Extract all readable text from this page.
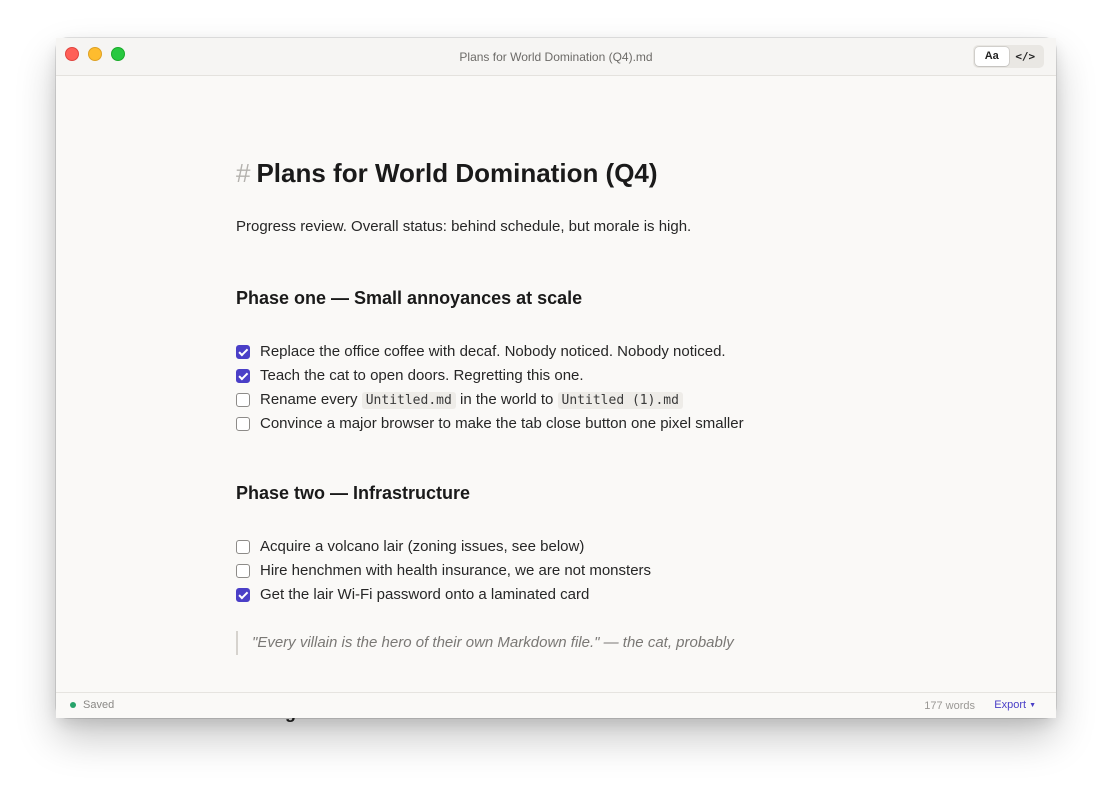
Plans for World Domination (Q4).md	Aa	</>
# Plans for World Domination (Q4)
Progress review. Overall status: behind schedule, but morale is high.
Phase one — Small annoyances at scale
Replace the office coffee with decaf. Nobody noticed. Nobody noticed.
Teach the cat to open doors. Regretting this one.
Rename every Untitled.md in the world to Untitled (1).md
Convince a major browser to make the tab close button one pixel smaller
Phase two — Infrastructure
Acquire a volcano lair (zoning issues, see below)
Hire henchmen with health insurance, we are not monsters
Get the lair Wi-Fi password onto a laminated card
"Every villain is the hero of their own Markdown file." — the cat, probably
Saved	177 words Export ▼
